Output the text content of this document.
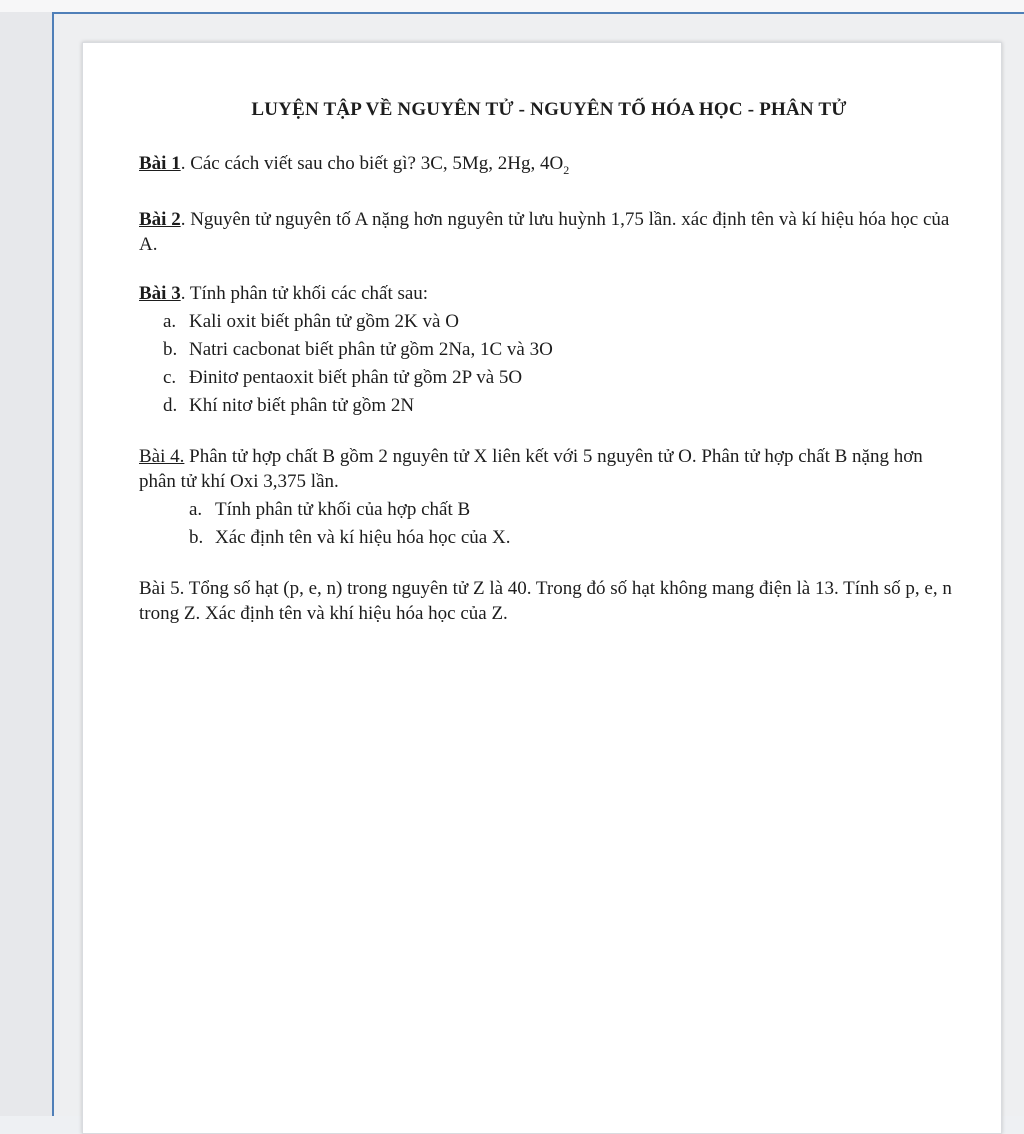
LUYỆN TẬP VỀ NGUYÊN TỬ - NGUYÊN TỐ HÓA HỌC - PHÂN TỬ

Bài 1. Các cách viết sau cho biết gì? 3C, 5Mg, 2Hg, $4O_2$

Bài 2. Nguyên tử nguyên tố A nặng hơn nguyên tử lưu huỳnh 1,75 lần. xác định tên và kí hiệu hóa học của A.

Bài 3. Tính phân tử khối các chất sau:
a. Kali oxit biết phân tử gồm 2K và O
b. Natri cacbonat biết phân tử gồm 2Na, 1C và 3O
c. Đinitơ pentaoxit biết phân tử gồm 2P và 5O
d. Khí nitơ biết phân tử gồm 2N
Bài 4. Phân tử hợp chất B gồm 2 nguyên tử X liên kết với 5 nguyên tử O. Phân tử hợp chất B nặng hơn phân tử khí Oxi 3,375 lần.
a. Tính phân tử khối của hợp chất B
b. Xác định tên và kí hiệu hóa học của X.

Bài 5. Tổng số hạt (p, e, n) trong nguyên tử Z là 40. Trong đó số hạt không mang điện là 13. Tính số p, e, n trong Z. Xác định tên và khí hiệu hóa học của Z.
